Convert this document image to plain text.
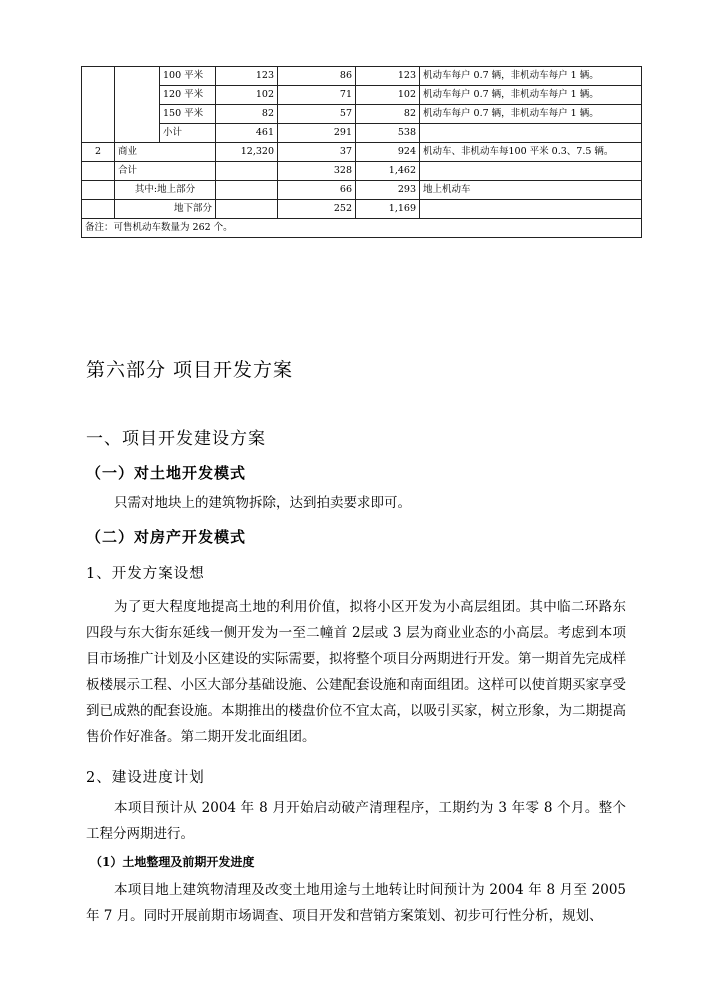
		100 平米	123	86	123	机动车每户 0.7 辆，非机动车每户 1 辆。
		120 平米	102	71	102	机动车每户 0.7 辆，非机动车每户 1 辆。
		150 平米	82	57	82	机动车每户 0.7 辆，非机动车每户 1 辆。
		小计	461	291	538	
2	商业		12,320	37	924	机动车、非机动车每100 平米 0.3、7.5 辆。
	合计			328	1,462	
	其中:地上部分			66	293	地上机动车
	地下部分			252	1,169	
备注：可售机动车数量为 262 个。						
第六部分 项目开发方案
一、项目开发建设方案
（一）对土地开发模式

只需对地块上的建筑物拆除，达到拍卖要求即可。

（二）对房产开发模式
1、开发方案设想

为了更大程度地提高土地的利用价值，拟将小区开发为小高层组团。其中临二环路东四段与东大街东延线一侧开发为一至二幢首 2层或 3 层为商业业态的小高层。考虑到本项目市场推广计划及小区建设的实际需要，拟将整个项目分两期进行开发。第一期首先完成样板楼展示工程、小区大部分基础设施、公建配套设施和南面组团。这样可以使首期买家享受到已成熟的配套设施。本期推出的楼盘价位不宜太高，以吸引买家，树立形象，为二期提高售价作好准备。第二期开发北面组团。

2、建设进度计划

本项目预计从 2004 年 8 月开始启动破产清理程序，工期约为 3 年零 8 个月。整个工程分两期进行。

（1）土地整理及前期开发进度

本项目地上建筑物清理及改变土地用途与土地转让时间预计为 2004 年 8 月至 2005 年 7 月。同时开展前期市场调查、项目开发和营销方案策划、初步可行性分析，规划、
